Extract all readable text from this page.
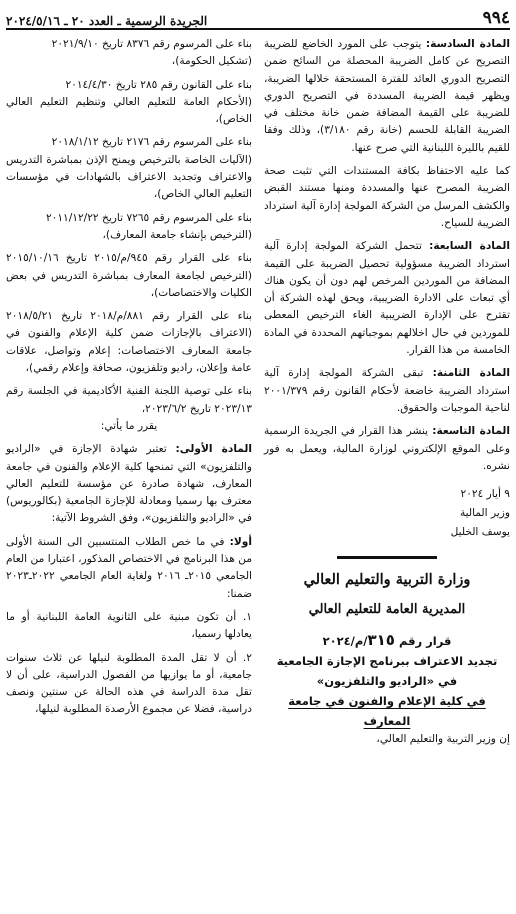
٩٩٤
الجريدة الرسمية ـ العدد ٢٠ ـ ٢٠٢٤/٥/١٦

المادة السادسة: يتوجب على المورد الخاضع للضريبة التصريح عن كامل الضريبة المحصلة من السائح ضمن التصريح الدوري العائد للفترة المستحقة خلالها الضريبة، ويظهر قيمة الضريبة المسددة في التصريح الدوري للضريبة على القيمة المضافة ضمن خانة مختلف في الضريبة القابلة للحسم (خانة رقم ٣/١٨٠)، وذلك وفقا للقيم بالليرة اللبنانية التي صرح عنها.

كما عليه الاحتفاظ بكافة المستندات التي تثبت صحة الضريبة المصرح عنها والمسددة ومنها مستند القبض والكشف المرسل من الشركة المولجة إدارة آلية استرداد الضريبة للسياح.

المادة السابعة: تتحمل الشركة المولجة إدارة آلية استرداد الضريبة مسؤولية تحصيل الضريبة على القيمة المضافة من الموردين المرخص لهم دون أن يكون هناك أي تبعات على الادارة الضريبية، ويحق لهذه الشركة أن تقترح على الإدارة الضريبية الغاء الترخيص المعطى للموردين في حال اخلالهم بموجباتهم المحددة في المادة الخامسة من هذا القرار.

المادة الثامنة: تبقى الشركة المولجة إدارة آلية استرداد الضريبة خاضعة لأحكام القانون رقم ٢٠٠١/٣٧٩ لناحية الموجبات والحقوق.

المادة التاسعة: ينشر هذا القرار في الجريدة الرسمية وعلى الموقع الإلكتروني لوزارة المالية، ويعمل به فور نشره.

٩ أيار ٢٠٢٤
وزير المالية
يوسف الخليل
وزارة التربية والتعليم العالي
المديرية العامة للتعليم العالي
قرار رقم ٣١٥/م/٢٠٢٤
تجديد الاعتراف ببرنامج الإجازة الجامعية
في «الراديو والتلفزيون»
في كلية الإعلام والفنون في جامعة المعارف

إن وزير التربية والتعليم العالي،

بناء على المرسوم رقم ٨٣٧٦ تاريخ ٢٠٢١/٩/١٠
(تشكيل الحكومة)،

بناء على القانون رقم ٢٨٥ تاريخ ٢٠١٤/٤/٣٠
(الأحكام العامة للتعليم العالي وتنظيم التعليم العالي الخاص)،

بناء على المرسوم رقم ٢١٧٦ تاريخ ٢٠١٨/١/١٢
(الآليات الخاصة بالترخيص ويمنح الإذن بمباشرة التدريس والاعتراف وتجديد الاعتراف بالشهادات في مؤسسات التعليم العالي الخاص)،

بناء على المرسوم رقم ٧٢٦٥ تاريخ ٢٠١١/١٢/٢٢
(الترخيص بإنشاء جامعة المعارف)،

بناء على القرار رقم ٩٤٥/م/٢٠١٥ تاريخ ٢٠١٥/١٠/١٦ (الترخيص لجامعة المعارف بمباشرة التدريس في بعض الكليات والاختصاصات)،

بناء على القرار رقم ٨٨١/م/٢٠١٨ تاريخ ٢٠١٨/٥/٢١ (الاعتراف بالإجازات ضمن كلية الإعلام والفنون في جامعة المعارف الاختصاصات: إعلام وتواصل، علاقات عامة وإعلان، راديو وتلفزيون، صحافة وإعلام رقمي)،

بناء على توصية اللجنة الفنية الأكاديمية في الجلسة رقم ٢٠٢٣/١٣ تاريخ ٢٠٢٣/٦/٢،

يقرر ما يأتي:

المادة الأولى: تعتبر شهادة الإجازة في «الراديو والتلفزيون» التي تمنحها كلية الإعلام والفنون في جامعة المعارف، شهادة صادرة عن مؤسسة للتعليم العالي معترف بها رسميا ومعادلة للإجازة الجامعية (بكالوريوس) في «الراديو والتلفزيون»، وفق الشروط الآتية:

أولا: في ما خص الطلاب المنتسبين الى السنة الأولى من هذا البرنامج في الاختصاص المذكور، اعتبارا من العام الجامعي ٢٠١٥ـ ٢٠١٦ ولغاية العام الجامعي ٢٠٢٢ـ٢٠٢٣ ضمنا:

١. أن تكون مبنية على الثانوية العامة اللبنانية أو ما يعادلها رسميا،

٢. أن لا تقل المدة المطلوبة لنيلها عن ثلاث سنوات جامعية، أو ما يوازيها من الفصول الدراسية، على أن لا تقل مدة الدراسة في هذه الحالة عن سنتين ونصف دراسية، فضلا عن مجموع الأرصدة المطلوبة لنيلها،
